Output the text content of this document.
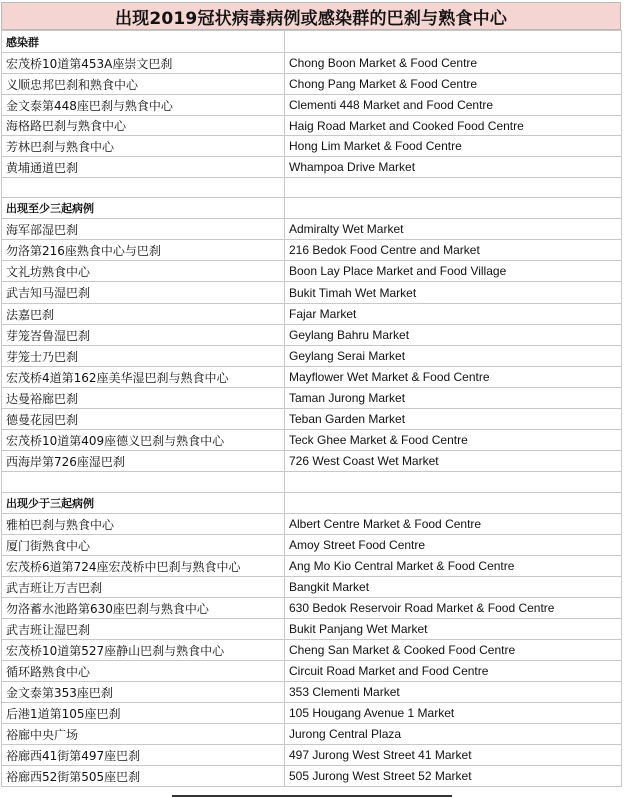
出现2019冠状病毒病例或感染群的巴刹与熟食中心
感染群	
宏茂桥10道第453A座崇文巴刹	Chong Boon Market & Food Centre
义顺忠邦巴刹和熟食中心	Chong Pang Market & Food Centre
金文泰第448座巴刹与熟食中心	Clementi 448 Market and Food Centre
海格路巴刹与熟食中心	Haig Road Market and Cooked Food Centre
芳林巴刹与熟食中心	Hong Lim Market & Food Centre
黄埔通道巴刹	Whampoa Drive Market

出现至少三起病例	
海军部湿巴刹	Admiralty Wet Market
勿洛第216座熟食中心与巴刹	216 Bedok Food Centre and Market
文礼坊熟食中心	Boon Lay Place Market and Food Village
武吉知马湿巴刹	Bukit Timah Wet Market
法嘉巴刹	Fajar Market
芽笼峇鲁湿巴刹	Geylang Bahru Market
芽笼士乃巴刹	Geylang Serai Market
宏茂桥4道第162座美华湿巴刹与熟食中心	Mayflower Wet Market & Food Centre
达曼裕廊巴刹	Taman Jurong Market
德曼花园巴刹	Teban Garden Market
宏茂桥10道第409座德义巴刹与熟食中心	Teck Ghee Market & Food Centre
西海岸第726座湿巴刹	726 West Coast Wet Market

出现少于三起病例	
雅柏巴刹与熟食中心	Albert Centre Market & Food Centre
厦门街熟食中心	Amoy Street Food Centre
宏茂桥6道第724座宏茂桥中巴刹与熟食中心	Ang Mo Kio Central Market & Food Centre
武吉班让万吉巴刹	Bangkit Market
勿洛蓄水池路第630座巴刹与熟食中心	630 Bedok Reservoir Road Market & Food Centre
武吉班让湿巴刹	Bukit Panjang Wet Market
宏茂桥10道第527座静山巴刹与熟食中心	Cheng San Market & Cooked Food Centre
循环路熟食中心	Circuit Road Market and Food Centre
金文泰第353座巴刹	353 Clementi Market
后港1道第105座巴刹	105 Hougang Avenue 1 Market
裕廊中央广场	Jurong Central Plaza
裕廊西41街第497座巴刹	497 Jurong West Street 41 Market
裕廊西52街第505座巴刹	505 Jurong West Street 52 Market
